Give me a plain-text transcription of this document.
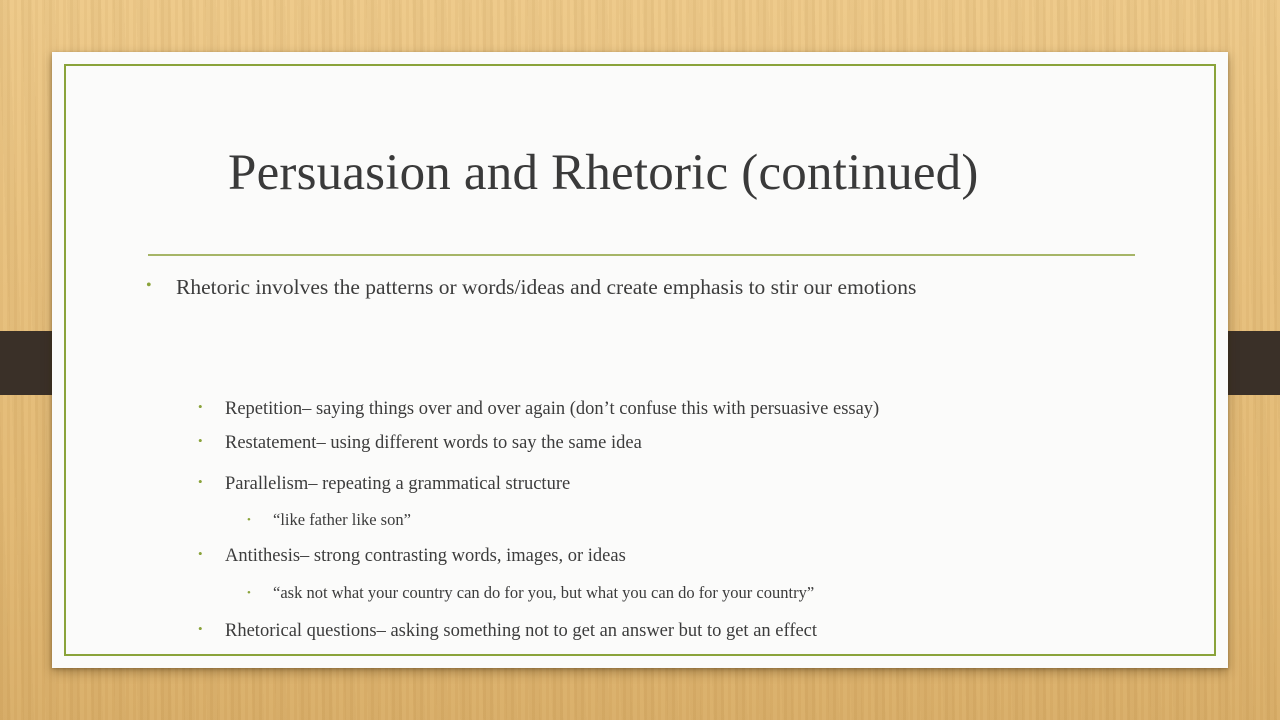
Persuasion and Rhetoric (continued)
• Rhetoric involves the patterns or words/ideas and create emphasis to stir our emotions
• Repetition– saying things over and over again (don’t confuse this with persuasive essay)
• Restatement– using different words to say the same idea
• Parallelism– repeating a grammatical structure
• “like father like son”
• Antithesis– strong contrasting words, images, or ideas
• “ask not what your country can do for you, but what you can do for your country”
• Rhetorical questions– asking something not to get an answer but to get an effect
